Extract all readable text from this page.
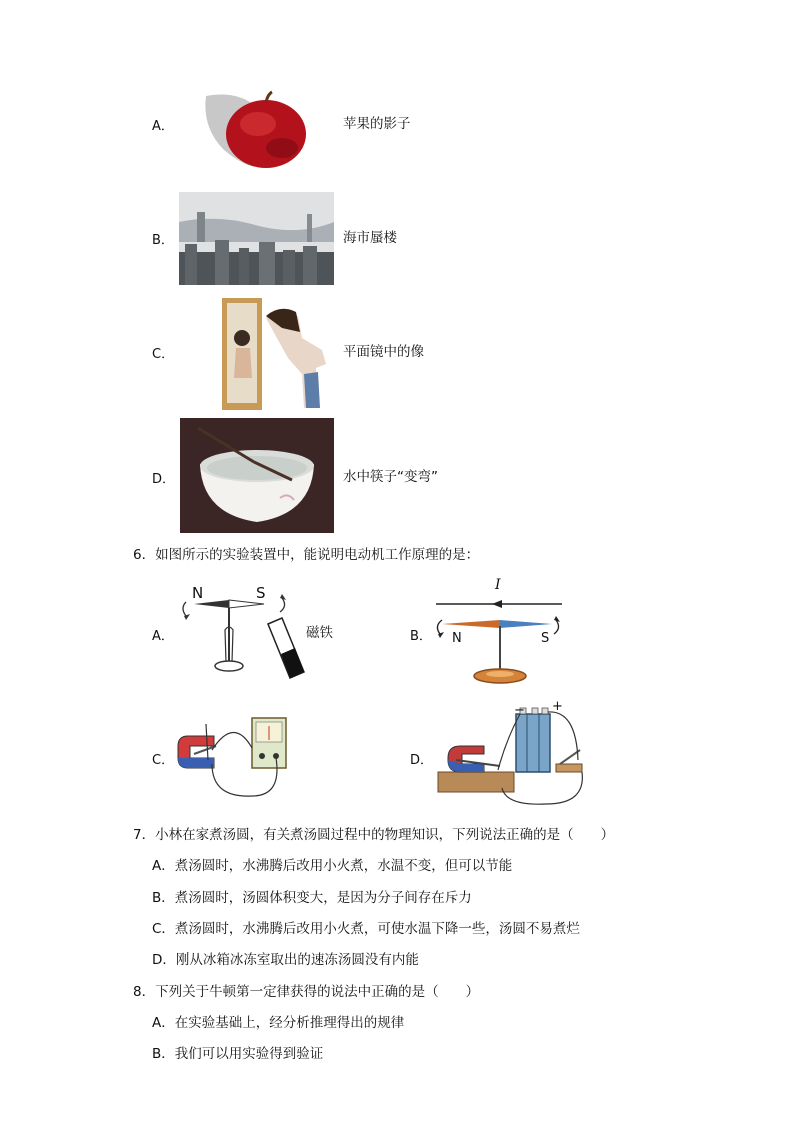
A．	苹果的影子
B．	海市蜃楼
C．	平面镜中的像
D．	水中筷子“变弯”
6．如图所示的实验装置中，能说明电动机工作原理的是：
A．
N	S
磁铁	B．
I
N	S
C．	D．
− +
7．小林在家煮汤圆，有关煮汤圆过程中的物理知识，下列说法正确的是（　　）
A．煮汤圆时，水沸腾后改用小火煮，水温不变，但可以节能
B．煮汤圆时，汤圆体积变大，是因为分子间存在斥力
C．煮汤圆时，水沸腾后改用小火煮，可使水温下降一些，汤圆不易煮烂
D．刚从冰箱冰冻室取出的速冻汤圆没有内能
8．下列关于牛顿第一定律获得的说法中正确的是（　　）
A．在实验基础上，经分析推理得出的规律
B．我们可以用实验得到验证
